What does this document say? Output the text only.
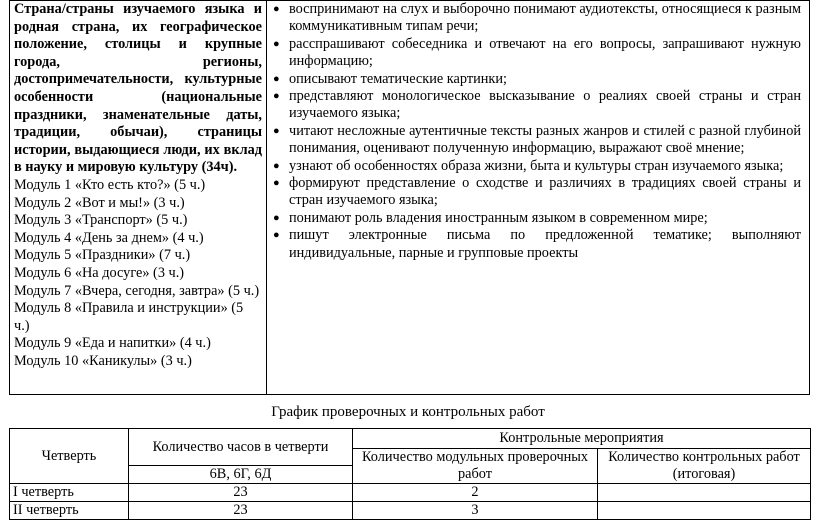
Страна/страны изучаемого языка и родная страна, их географическое положение, столицы и крупные города, регионы, достопримечательности, культурные особенности (национальные праздники, знаменательные даты, традиции, обычаи), страницы истории, выдающиеся люди, их вклад в науку и мировую культуру (34ч).

Модуль 1 «Кто есть кто?» (5 ч.)
Модуль 2 «Вот и мы!» (3 ч.)
Модуль 3 «Транспорт» (5 ч.)
Модуль 4 «День за днем» (4 ч.)
Модуль 5 «Праздники» (7 ч.)
Модуль 6 «На досуге» (3 ч.)
Модуль 7 «Вчера, сегодня, завтра» (5 ч.)
Модуль 8 «Правила и инструкции» (5 ч.)
Модуль 9 «Еда и напитки» (4 ч.)
Модуль 10 «Каникулы» (3 ч.)

● воспринимают на слух и выборочно понимают аудиотексты, относящиеся к разным коммуникативным типам речи;
● расспрашивают собеседника и отвечают на его вопросы, запрашивают нужную информацию;
● описывают тематические картинки;
● представляют монологическое высказывание о реалиях своей страны и стран изучаемого языка;
● читают несложные аутентичные тексты разных жанров и стилей с разной глубиной понимания, оценивают полученную информацию, выражают своё мнение;
● узнают об особенностях образа жизни, быта и культуры стран изучаемого языка;
● формируют представление о сходстве и различиях в традициях своей страны и стран изучаемого языка;
● понимают роль владения иностранным языком в современном мире;
● пишут электронные письма по предложенной тематике; выполняют индивидуальные, парные и групповые проекты
График проверочных и контрольных работ
Четверть	Количество часов в четверти	Контрольные мероприятия	
		Количество модульных проверочных работ	Количество контрольных работ (итоговая)
	6В, 6Г, 6Д		
I четверть	23	2	
II четверть	23	3	
